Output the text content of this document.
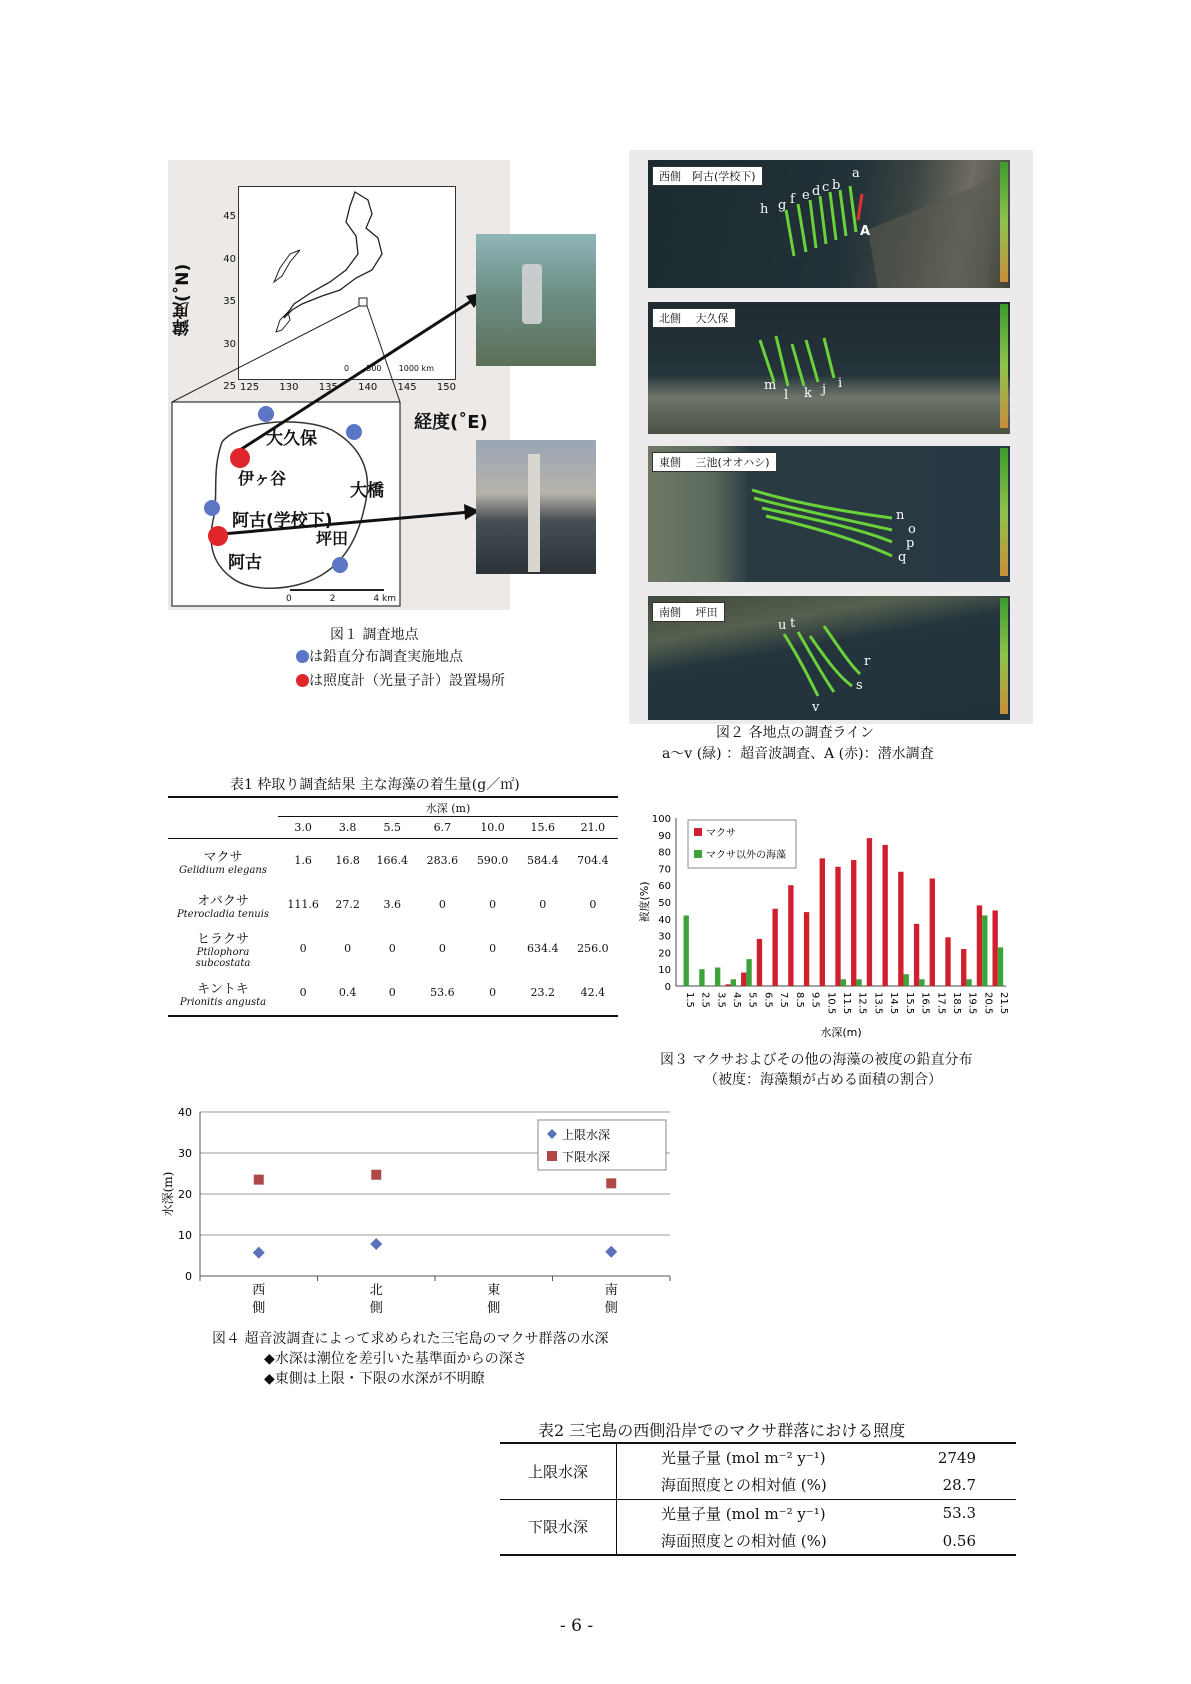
緯度(˚N)
45
40
35
30
25 125 130 135 140 145 150
0 500 1000 km
経度(˚E)
大久保
伊ヶ谷
大橋
阿古(学校下)
坪田
阿古
0	2	4 km
図１ 調査地点
は鉛直分布調査実施地点
は照度計（光量子計）設置場所
西側　阿古(学校下)
h g f e d c b
a
A
北側　 大久保
m
l k j i
東側 　三池(オオハシ)
n
o
p
q
南側 　坪田
u t
r
s
v
図２ 各地点の調査ライン
a～v (緑) ：超音波調査、A (赤)：潜水調査
表1 枠取り調査結果 主な海藻の着生量(g／㎡)
	水深 (m)						
	3.0	3.8	5.5	6.7	10.0	15.6	21.0

マクサ
Gelidium elegans	1.6	16.8	166.4	283.6	590.0	584.4	704.4

オバクサ
Pterocladia tenuis	111.6	27.2	3.6	0	0	0	0

ヒラクサ
Ptilophora subcostata	0	0	0	0	0	634.4	256.0

キントキ
Prionitis angusta	0	0.4	0	53.6	0	23.2	42.4
100
90
80
70
60
50
40
30
20
10
0
1.5 2.5 3.5 4.5 5.5 6.5 7.5 8.5 9.5 10.5 11.5 12.5 13.5 14.5 15.5 16.5 17.5 18.5 19.5 20.5 21.5
水深(m)
被度(%)
マクサ
マクサ以外の海藻
図３ マクサおよびその他の海藻の被度の鉛直分布
（被度：海藻類が占める面積の割合）
40
30
20
10
0
西
側
北
側
東
側
南
側
水深(m)
上限水深
下限水深
図４ 超音波調査によって求められた三宅島のマクサ群落の水深
◆水深は潮位を差引いた基準面からの深さ
◆東側は上限・下限の水深が不明瞭
表2 三宅島の西側沿岸でのマクサ群落における照度
上限水深	光量子量 (mol m⁻² y⁻¹)	2749
	海面照度との相対値 (%)	28.7
下限水深	光量子量 (mol m⁻² y⁻¹)	53.3
	海面照度との相対値 (%)	0.56
- 6 -
